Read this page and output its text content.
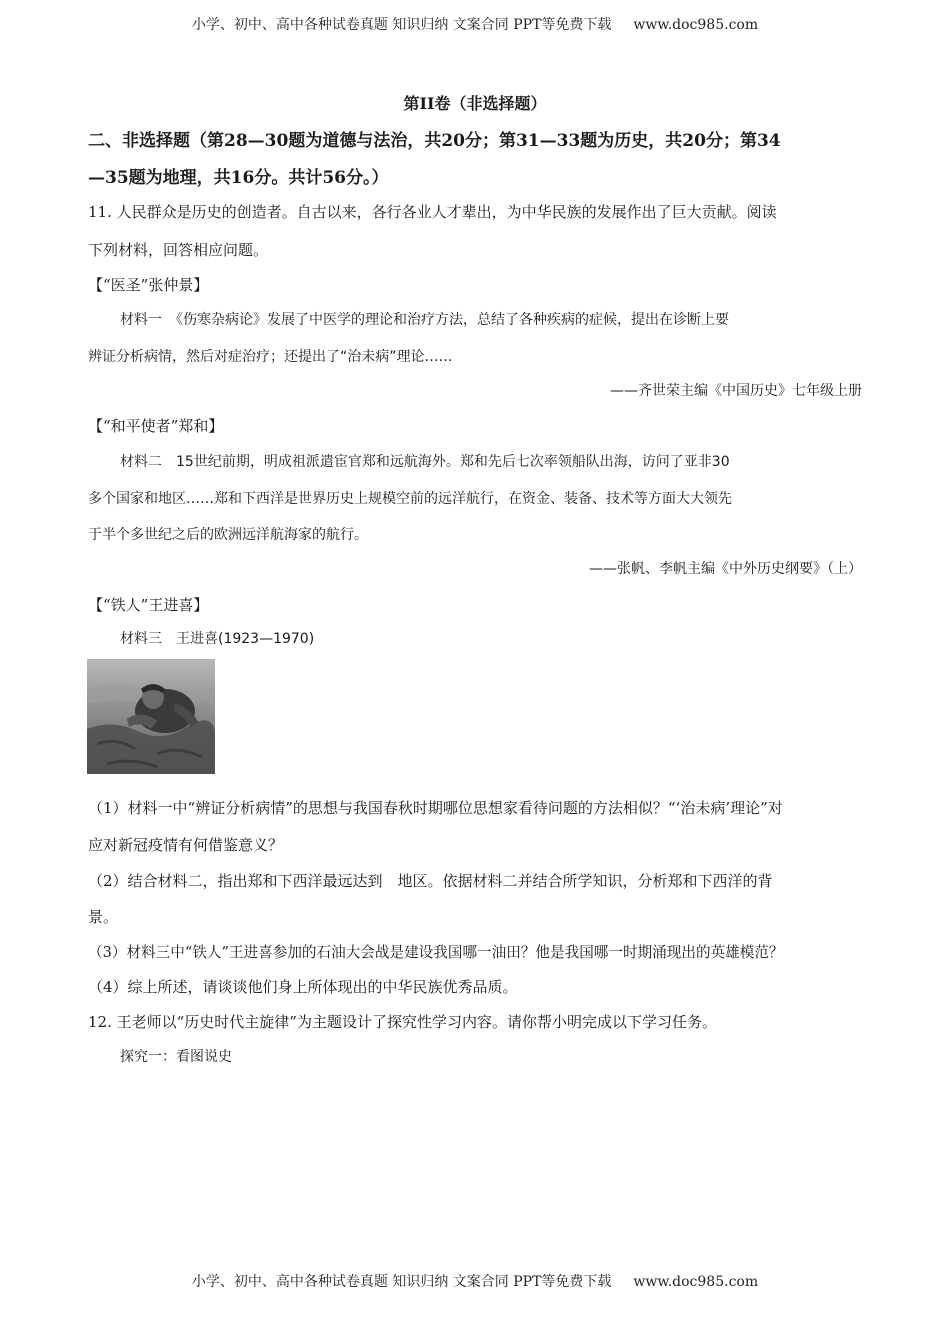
小学、初中、高中各种试卷真题 知识归纳 文案合同 PPT等免费下载 www.doc985.com
第II卷（非选择题）
二、非选择题（第28—30题为道德与法治，共20分；第31—33题为历史，共20分；第34
—35题为地理，共16分。共计56分。）
11. 人民群众是历史的创造者。自古以来，各行各业人才辈出，为中华民族的发展作出了巨大贡献。阅读
下列材料，回答相应问题。
【“医圣”张仲景】
材料一　《伤寒杂病论》发展了中医学的理论和治疗方法，总结了各种疾病的症候，提出在诊断上要
辨证分析病情，然后对症治疗；还提出了“治未病”理论……
——齐世荣主编《中国历史》七年级上册
【“和平使者”郑和】
材料二　15世纪前期，明成祖派遣宦官郑和远航海外。郑和先后七次率领船队出海，访问了亚非30
多个国家和地区……郑和下西洋是世界历史上规模空前的远洋航行，在资金、装备、技术等方面大大领先
于半个多世纪之后的欧洲远洋航海家的航行。
——张帆、李帆主编《中外历史纲要》（上）
【“铁人”王进喜】
材料三　王进喜(1923—1970)
（1）材料一中“辨证分析病情”的思想与我国春秋时期哪位思想家看待问题的方法相似？“‘治未病’理论”对
应对新冠疫情有何借鉴意义？
（2）结合材料二，指出郑和下西洋最远达到　地区。依据材料二并结合所学知识，分析郑和下西洋的背
景。
（3）材料三中“铁人”王进喜参加的石油大会战是建设我国哪一油田？他是我国哪一时期涌现出的英雄模范？
（4）综上所述，请谈谈他们身上所体现出的中华民族优秀品质。
12. 王老师以“历史时代主旋律”为主题设计了探究性学习内容。请你帮小明完成以下学习任务。
探究一：看图说史
小学、初中、高中各种试卷真题 知识归纳 文案合同 PPT等免费下载 www.doc985.com
